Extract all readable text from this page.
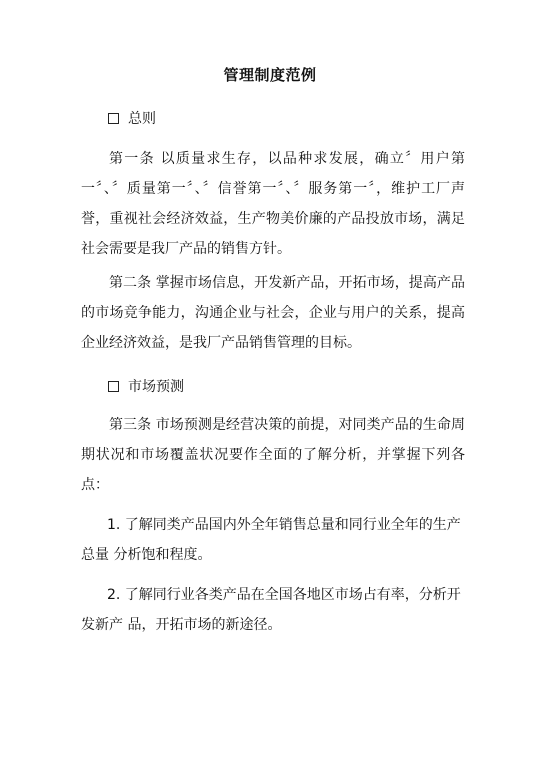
管理制度范例
总则

第一条 以质量求生存，以品种求发展，确立〞用户第一〞、〞质量第一〞、〞信誉第一〞、〞服务第一〞，维护工厂声誉，重视社会经济效益，生产物美价廉的产品投放市场，满足社会需要是我厂产品的销售方针。

第二条 掌握市场信息，开发新产品，开拓市场，提高产品的市场竞争能力，沟通企业与社会，企业与用户的关系，提高企业经济效益，是我厂产品销售管理的目标。

市场预测

第三条 市场预测是经营决策的前提，对同类产品的生命周期状况和市场覆盖状况要作全面的了解分析，并掌握下列各点：

1. 了解同类产品国内外全年销售总量和同行业全年的生产总量 分析饱和程度。

2. 了解同行业各类产品在全国各地区市场占有率，分析开发新产 品，开拓市场的新途径。
